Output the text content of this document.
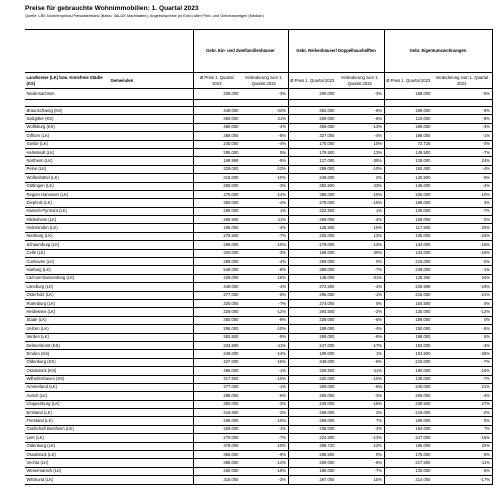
Preise für gebrauchte Wohnimmobilien: 1. Quartal 2023
Quelle: LBS Nord/empirica-Preisdatenbank (Basis: VALUE Marktdaten), Angebotspreise (in Euro) aller Print- und Onlineanzeigen (Median)
		Gebr. Ein- und Zweifamilienhäuser		Gebr. Reihenhäuser/ Doppelhaushälften		Gebr. Eigentumswohnungen	
Landkreise (LK) bzw. Kreisfreie Städte (KS)	Gemeinden	Ø Preis 1. Quartal 2023	Veränderung zum 1. Quartal 2022	Ø Preis 1. Quartal 2023	Veränderung zum 1. Quartal 2022	Ø Preis 1. Quartal 2023	Veränderung zum 1. Quartal 2022
Niedersachsen		339.000	-3%	290.000	-3%	189.000	-5%

Braunschweig (KS)		449.000	-22%	362.000	-8%	199.000	-9%
Salzgitter (KS)		360.000	21%	259.000	-6%	110.000	-8%
Wolfsburg (KS)		480.000	-4%	459.000	-13%	189.000	-4%
Gifhorn (LK)		368.000	-8%	327.000	-4%	198.000	-1%
Goslar (LK)		240.000	-4%	170.000	10%	72.725	-4%
Helmstedt (LK)		285.000	5%	179.500	13%	149.500	-7%
Northeim (LK)		199.999	-9%	127.000	-35%	129.000	24%
Peine (LK)		329.000	-12%	259.000	-10%	162.400	-4%
Wolfenbüttel (LK)		315.000	-10%	249.000	2%	140.500	-6%
Göttingen (LK)		255.000	-3%	282.500	23%	145.000	-4%
Region Hannover (LK)		475.000	-14%	396.000	-10%	225.000	-10%
Diepholz (LK)		350.000	-4%	279.000	-15%	195.000	3%
Hameln-Pyrmont (LK)		289.000	1%	222.500	1%	139.000	-7%
Hildesheim (LK)		265.500	-11%	269.000	-4%	169.000	-2%
Holzminden (LK)		185.000	-4%	126.500	15%	117.500	20%
Nienburg (LK)		278.500	-7%	225.000	13%	135.000	-16%
Schaumburg (LK)		299.000	-10%	279.000	-13%	134.000	-16%
Celle (LK)		320.000	-3%	199.000	-30%	134.000	-16%
Cuxhaven (LK)		288.000	-4%	259.000	0%	215.000	-2%
Harburg (LK)		549.000	-8%	389.000	-7%	249.000	-1%
Lüchow-Dannenberg (LK)		229.000	15%	145.000	-31%	126.250	34%
Lüneburg (LK)		449.000	-4%	372.500	-4%	226.598	-19%
Osterholz (LK)		377.000	-6%	295.000	-1%	215.000	-21%
Rotenburg (LK)		320.000	-7%	274.000	0%	154.500	0%
Heidekreis (LK)		329.000	-12%	284.500	-2%	130.000	-12%
Stade (LK)		360.000	-9%	339.000	-6%	199.000	0%
Uelzen (LK)		295.000	-10%	189.000	-4%	150.000	-6%
Verden (LK)		382.500	-9%	299.000	-6%	198.000	6%
Delmenhorst (KS)		343.500	-11%	247.000	-17%	162.000	-4%
Emden (KS)		249.000	-14%	199.000	1%	104.500	-28%
Oldenburg (KS)		427.000	-15%	349.000	-6%	215.000	-7%
Osnabrück (KS)		495.000	-1%	329.500	-11%	190.000	-16%
Wilhelmshaven (KS)		317.500	-10%	220.000	-10%	138.000	-7%
Ammerland (LK)		377.000	-1%	309.000	-6%	240.000	21%
Aurich (LK)		298.000	-6%	259.000	-3%	209.000	-4%
Cloppenburg (LK)		350.000	-3%	249.000	-16%	239.500	27%
Emsland (LK)		319.800	-2%	259.000	2%	219.000	-2%
Friesland (LK)		296.000	-10%	269.000	7%	199.000	0%
Grafschaft Bentheim (LK)		326.000	-1%	235.000	-4%	184.000	7%
Leer (LK)		270.000	-7%	224.500	-13%	247.000	-15%
Oldenburg (LK)		379.000	-10%	299.720	-12%	185.000	22%
Osnabrück (LK)		365.000	-9%	298.500	0%	175.000	-5%
Vechta (LK)		388.000	-12%	259.000	-8%	217.500	-11%
Wesermarsch (LK)		260.000	-18%	185.000	-7%	130.000	-5%
Wittmund (LK)		315.000	-2%	297.000	15%	214.000	-17%
